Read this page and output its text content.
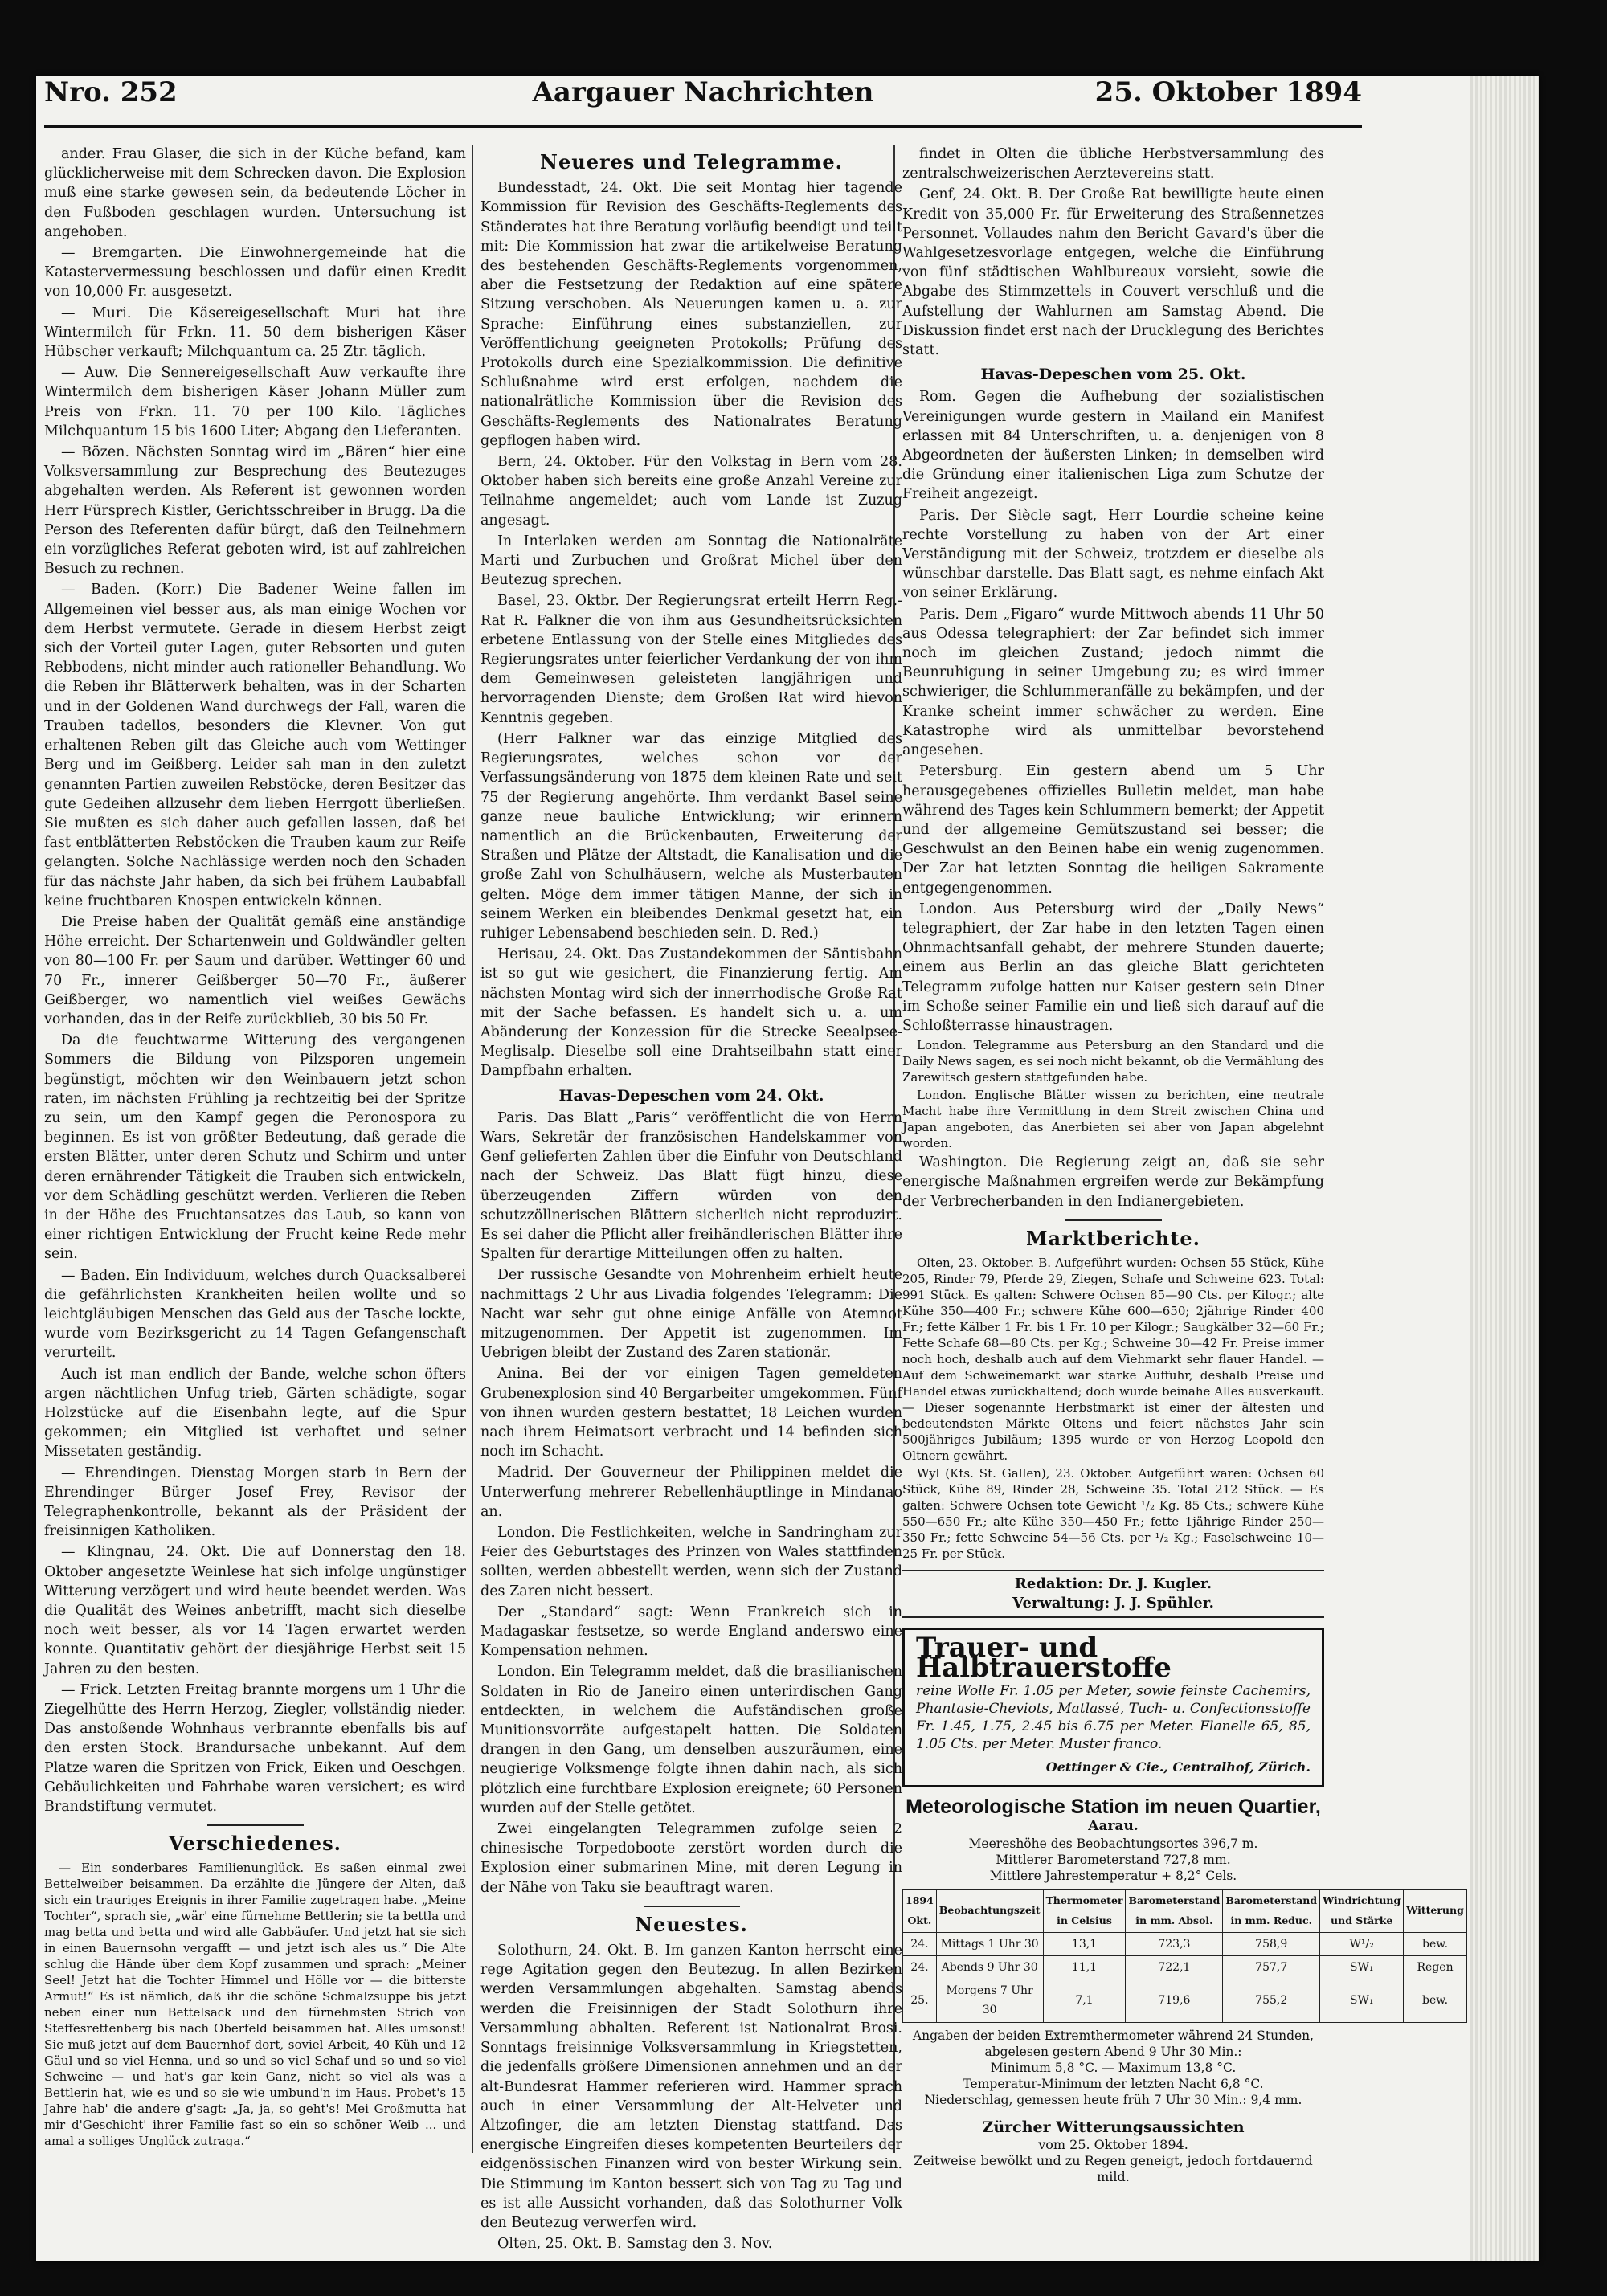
Nro. 252	Aargauer Nachrichten	25. Oktober 1894

ander. Frau Glaser, die sich in der Küche befand, kam glücklicherweise mit dem Schrecken davon. Die Explosion muß eine starke gewesen sein, da bedeutende Löcher in den Fußboden geschlagen wurden. Untersuchung ist angehoben.

— Bremgarten. Die Einwohnergemeinde hat die Katastervermessung beschlossen und dafür einen Kredit von 10,000 Fr. ausgesetzt.

— Muri. Die Käsereigesellschaft Muri hat ihre Wintermilch für Frkn. 11. 50 dem bisherigen Käser Hübscher verkauft; Milchquantum ca. 25 Ztr. täglich.

— Auw. Die Sennereigesellschaft Auw verkaufte ihre Wintermilch dem bisherigen Käser Johann Müller zum Preis von Frkn. 11. 70 per 100 Kilo. Tägliches Milchquantum 15 bis 1600 Liter; Abgang den Lieferanten.

— Bözen. Nächsten Sonntag wird im „Bären“ hier eine Volksversammlung zur Besprechung des Beutezuges abgehalten werden. Als Referent ist gewonnen worden Herr Fürsprech Kistler, Gerichtsschreiber in Brugg. Da die Person des Referenten dafür bürgt, daß den Teilnehmern ein vorzügliches Referat geboten wird, ist auf zahlreichen Besuch zu rechnen.

— Baden. (Korr.) Die Badener Weine fallen im Allgemeinen viel besser aus, als man einige Wochen vor dem Herbst vermutete. Gerade in diesem Herbst zeigt sich der Vorteil guter Lagen, guter Rebsorten und guten Rebbodens, nicht minder auch rationeller Behandlung. Wo die Reben ihr Blätterwerk behalten, was in der Scharten und in der Goldenen Wand durchwegs der Fall, waren die Trauben tadellos, besonders die Klevner. Von gut erhaltenen Reben gilt das Gleiche auch vom Wettinger Berg und im Geißberg. Leider sah man in den zuletzt genannten Partien zuweilen Rebstöcke, deren Besitzer das gute Gedeihen allzusehr dem lieben Herrgott überließen. Sie mußten es sich daher auch gefallen lassen, daß bei fast entblätterten Rebstöcken die Trauben kaum zur Reife gelangten. Solche Nachlässige werden noch den Schaden für das nächste Jahr haben, da sich bei frühem Laubabfall keine fruchtbaren Knospen entwickeln können.

Die Preise haben der Qualität gemäß eine anständige Höhe erreicht. Der Schartenwein und Goldwändler gelten von 80—100 Fr. per Saum und darüber. Wettinger 60 und 70 Fr., innerer Geißberger 50—70 Fr., äußerer Geißberger, wo namentlich viel weißes Gewächs vorhanden, das in der Reife zurückblieb, 30 bis 50 Fr.

Da die feuchtwarme Witterung des vergangenen Sommers die Bildung von Pilzsporen ungemein begünstigt, möchten wir den Weinbauern jetzt schon raten, im nächsten Frühling ja rechtzeitig bei der Spritze zu sein, um den Kampf gegen die Peronospora zu beginnen. Es ist von größter Bedeutung, daß gerade die ersten Blätter, unter deren Schutz und Schirm und unter deren ernährender Tätigkeit die Trauben sich entwickeln, vor dem Schädling geschützt werden. Verlieren die Reben in der Höhe des Fruchtansatzes das Laub, so kann von einer richtigen Entwicklung der Frucht keine Rede mehr sein.

— Baden. Ein Individuum, welches durch Quacksalberei die gefährlichsten Krankheiten heilen wollte und so leichtgläubigen Menschen das Geld aus der Tasche lockte, wurde vom Bezirksgericht zu 14 Tagen Gefangenschaft verurteilt.

Auch ist man endlich der Bande, welche schon öfters argen nächtlichen Unfug trieb, Gärten schädigte, sogar Holzstücke auf die Eisenbahn legte, auf die Spur gekommen; ein Mitglied ist verhaftet und seiner Missetaten geständig.

— Ehrendingen. Dienstag Morgen starb in Bern der Ehrendinger Bürger Josef Frey, Revisor der Telegraphenkontrolle, bekannt als der Präsident der freisinnigen Katholiken.

— Klingnau, 24. Okt. Die auf Donnerstag den 18. Oktober angesetzte Weinlese hat sich infolge ungünstiger Witterung verzögert und wird heute beendet werden. Was die Qualität des Weines anbetrifft, macht sich dieselbe noch weit besser, als vor 14 Tagen erwartet werden konnte. Quantitativ gehört der diesjährige Herbst seit 15 Jahren zu den besten.

— Frick. Letzten Freitag brannte morgens um 1 Uhr die Ziegelhütte des Herrn Herzog, Ziegler, vollständig nieder. Das anstoßende Wohnhaus verbrannte ebenfalls bis auf den ersten Stock. Brandursache unbekannt. Auf dem Platze waren die Spritzen von Frick, Eiken und Oeschgen. Gebäulichkeiten und Fahrhabe waren versichert; es wird Brandstiftung vermutet.

Verschiedenes.

— Ein sonderbares Familienunglück. Es saßen einmal zwei Bettelweiber beisammen. Da erzählte die Jüngere der Alten, daß sich ein trauriges Ereignis in ihrer Familie zugetragen habe. „Meine Tochter“, sprach sie, „wär' eine fürnehme Bettlerin; sie ta bettla und mag betta und betta und wird alle Gabbäufer. Und jetzt hat sie sich in einen Bauernsohn vergafft — und jetzt isch ales us.“ Die Alte schlug die Hände über dem Kopf zusammen und sprach: „Meiner Seel! Jetzt hat die Tochter Himmel und Hölle vor — die bitterste Armut!“ Es ist nämlich, daß ihr die schöne Schmalzsuppe bis jetzt neben einer nun Bettelsack und den fürnehmsten Strich von Steffesrettenberg bis nach Oberfeld beisammen hat. Alles umsonst! Sie muß jetzt auf dem Bauernhof dort, soviel Arbeit, 40 Küh und 12 Gäul und so viel Henna, und so und so viel Schaf und so und so viel Schweine — und hat's gar kein Ganz, nicht so viel als was a Bettlerin hat, wie es und so sie wie umbund'n im Haus. Probet's 15 Jahre hab' die andere g'sagt: „Ja, ja, so geht's! Mei Großmutta hat mir d'Geschicht' ihrer Familie fast so ein so schöner Weib ... und amal a solliges Unglück zutraga.“

Neueres und Telegramme.

Bundesstadt, 24. Okt. Die seit Montag hier tagende Kommission für Revision des Geschäfts-Reglements des Ständerates hat ihre Beratung vorläufig beendigt und teilt mit: Die Kommission hat zwar die artikelweise Beratung des bestehenden Geschäfts-Reglements vorgenommen, aber die Festsetzung der Redaktion auf eine spätere Sitzung verschoben. Als Neuerungen kamen u. a. zur Sprache: Einführung eines substanziellen, zur Veröffentlichung geeigneten Protokolls; Prüfung des Protokolls durch eine Spezialkommission. Die definitive Schlußnahme wird erst erfolgen, nachdem die nationalrätliche Kommission über die Revision des Geschäfts-Reglements des Nationalrates Beratung gepflogen haben wird.

Bern, 24. Oktober. Für den Volkstag in Bern vom 28. Oktober haben sich bereits eine große Anzahl Vereine zur Teilnahme angemeldet; auch vom Lande ist Zuzug angesagt.

In Interlaken werden am Sonntag die Nationalräte Marti und Zurbuchen und Großrat Michel über den Beutezug sprechen.

Basel, 23. Oktbr. Der Regierungsrat erteilt Herrn Reg.-Rat R. Falkner die von ihm aus Gesundheitsrücksichten erbetene Entlassung von der Stelle eines Mitgliedes des Regierungsrates unter feierlicher Verdankung der von ihm dem Gemeinwesen geleisteten langjährigen und hervorragenden Dienste; dem Großen Rat wird hievon Kenntnis gegeben.

(Herr Falkner war das einzige Mitglied des Regierungsrates, welches schon vor der Verfassungsänderung von 1875 dem kleinen Rate und seit 75 der Regierung angehörte. Ihm verdankt Basel seine ganze neue bauliche Entwicklung; wir erinnern namentlich an die Brückenbauten, Erweiterung der Straßen und Plätze der Altstadt, die Kanalisation und die große Zahl von Schulhäusern, welche als Musterbauten gelten. Möge dem immer tätigen Manne, der sich in seinem Werken ein bleibendes Denkmal gesetzt hat, ein ruhiger Lebensabend beschieden sein. D. Red.)

Herisau, 24. Okt. Das Zustandekommen der Säntisbahn ist so gut wie gesichert, die Finanzierung fertig. Am nächsten Montag wird sich der innerrhodische Große Rat mit der Sache befassen. Es handelt sich u. a. um Abänderung der Konzession für die Strecke Seealpsee-Meglisalp. Dieselbe soll eine Drahtseilbahn statt einer Dampfbahn erhalten.

Havas-Depeschen vom 24. Okt.

Paris. Das Blatt „Paris“ veröffentlicht die von Herrn Wars, Sekretär der französischen Handelskammer von Genf gelieferten Zahlen über die Einfuhr von Deutschland nach der Schweiz. Das Blatt fügt hinzu, diese überzeugenden Ziffern würden von den schutzzöllnerischen Blättern sicherlich nicht reproduzirt. Es sei daher die Pflicht aller freihändlerischen Blätter ihre Spalten für derartige Mitteilungen offen zu halten.

Der russische Gesandte von Mohrenheim erhielt heute nachmittags 2 Uhr aus Livadia folgendes Telegramm: Die Nacht war sehr gut ohne einige Anfälle von Atemnot mitzugenommen. Der Appetit ist zugenommen. Im Uebrigen bleibt der Zustand des Zaren stationär.

Anina. Bei der vor einigen Tagen gemeldeten Grubenexplosion sind 40 Bergarbeiter umgekommen. Fünf von ihnen wurden gestern bestattet; 18 Leichen wurden nach ihrem Heimatsort verbracht und 14 befinden sich noch im Schacht.

Madrid. Der Gouverneur der Philippinen meldet die Unterwerfung mehrerer Rebellenhäuptlinge in Mindanao an.

London. Die Festlichkeiten, welche in Sandringham zur Feier des Geburtstages des Prinzen von Wales stattfinden sollten, werden abbestellt werden, wenn sich der Zustand des Zaren nicht bessert.

Der „Standard“ sagt: Wenn Frankreich sich in Madagaskar festsetze, so werde England anderswo eine Kompensation nehmen.

London. Ein Telegramm meldet, daß die brasilianischen Soldaten in Rio de Janeiro einen unterirdischen Gang entdeckten, in welchem die Aufständischen große Munitionsvorräte aufgestapelt hatten. Die Soldaten drangen in den Gang, um denselben auszuräumen, eine neugierige Volksmenge folgte ihnen dahin nach, als sich plötzlich eine furchtbare Explosion ereignete; 60 Personen wurden auf der Stelle getötet.

Zwei eingelangten Telegrammen zufolge seien 2 chinesische Torpedoboote zerstört worden durch die Explosion einer submarinen Mine, mit deren Legung in der Nähe von Taku sie beauftragt waren.

Neuestes.

Solothurn, 24. Okt. B. Im ganzen Kanton herrscht eine rege Agitation gegen den Beutezug. In allen Bezirken werden Versammlungen abgehalten. Samstag abends werden die Freisinnigen der Stadt Solothurn ihre Versammlung abhalten. Referent ist Nationalrat Brosi. Sonntags freisinnige Volksversammlung in Kriegstetten, die jedenfalls größere Dimensionen annehmen und an der alt-Bundesrat Hammer referieren wird. Hammer sprach auch in einer Versammlung der Alt-Helveter und Altzofinger, die am letzten Dienstag stattfand. Das energische Eingreifen dieses kompetenten Beurteilers der eidgenössischen Finanzen wird von bester Wirkung sein. Die Stimmung im Kanton bessert sich von Tag zu Tag und es ist alle Aussicht vorhanden, daß das Solothurner Volk den Beutezug verwerfen wird.

Olten, 25. Okt. B. Samstag den 3. Nov.

findet in Olten die übliche Herbstversammlung des zentralschweizerischen Aerztevereins statt.

Genf, 24. Okt. B. Der Große Rat bewilligte heute einen Kredit von 35,000 Fr. für Erweiterung des Straßennetzes Personnet. Vollaudes nahm den Bericht Gavard's über die Wahlgesetzesvorlage entgegen, welche die Einführung von fünf städtischen Wahlbureaux vorsieht, sowie die Abgabe des Stimmzettels in Couvert verschluß und die Aufstellung der Wahlurnen am Samstag Abend. Die Diskussion findet erst nach der Drucklegung des Berichtes statt.

Havas-Depeschen vom 25. Okt.

Rom. Gegen die Aufhebung der sozialistischen Vereinigungen wurde gestern in Mailand ein Manifest erlassen mit 84 Unterschriften, u. a. denjenigen von 8 Abgeordneten der äußersten Linken; in demselben wird die Gründung einer italienischen Liga zum Schutze der Freiheit angezeigt.

Paris. Der Siècle sagt, Herr Lourdie scheine keine rechte Vorstellung zu haben von der Art einer Verständigung mit der Schweiz, trotzdem er dieselbe als wünschbar darstelle. Das Blatt sagt, es nehme einfach Akt von seiner Erklärung.

Paris. Dem „Figaro“ wurde Mittwoch abends 11 Uhr 50 aus Odessa telegraphiert: der Zar befindet sich immer noch im gleichen Zustand; jedoch nimmt die Beunruhigung in seiner Umgebung zu; es wird immer schwieriger, die Schlummeranfälle zu bekämpfen, und der Kranke scheint immer schwächer zu werden. Eine Katastrophe wird als unmittelbar bevorstehend angesehen.

Petersburg. Ein gestern abend um 5 Uhr herausgegebenes offizielles Bulletin meldet, man habe während des Tages kein Schlummern bemerkt; der Appetit und der allgemeine Gemütszustand sei besser; die Geschwulst an den Beinen habe ein wenig zugenommen. Der Zar hat letzten Sonntag die heiligen Sakramente entgegengenommen.

London. Aus Petersburg wird der „Daily News“ telegraphiert, der Zar habe in den letzten Tagen einen Ohnmachtsanfall gehabt, der mehrere Stunden dauerte; einem aus Berlin an das gleiche Blatt gerichteten Telegramm zufolge hatten nur Kaiser gestern sein Diner im Schoße seiner Familie ein und ließ sich darauf auf die Schloßterrasse hinaustragen.

London. Telegramme aus Petersburg an den Standard und die Daily News sagen, es sei noch nicht bekannt, ob die Vermählung des Zarewitsch gestern stattgefunden habe.

London. Englische Blätter wissen zu berichten, eine neutrale Macht habe ihre Vermittlung in dem Streit zwischen China und Japan angeboten, das Anerbieten sei aber von Japan abgelehnt worden.

Washington. Die Regierung zeigt an, daß sie sehr energische Maßnahmen ergreifen werde zur Bekämpfung der Verbrecherbanden in den Indianergebieten.

Marktberichte.

Olten, 23. Oktober. B. Aufgeführt wurden: Ochsen 55 Stück, Kühe 205, Rinder 79, Pferde 29, Ziegen, Schafe und Schweine 623. Total: 991 Stück. Es galten: Schwere Ochsen 85—90 Cts. per Kilogr.; alte Kühe 350—400 Fr.; schwere Kühe 600—650; 2jährige Rinder 400 Fr.; fette Kälber 1 Fr. bis 1 Fr. 10 per Kilogr.; Saugkälber 32—60 Fr.; Fette Schafe 68—80 Cts. per Kg.; Schweine 30—42 Fr. Preise immer noch hoch, deshalb auch auf dem Viehmarkt sehr flauer Handel. — Auf dem Schweinemarkt war starke Auffuhr, deshalb Preise und Handel etwas zurückhaltend; doch wurde beinahe Alles ausverkauft. — Dieser sogenannte Herbstmarkt ist einer der ältesten und bedeutendsten Märkte Oltens und feiert nächstes Jahr sein 500jähriges Jubiläum; 1395 wurde er von Herzog Leopold den Oltnern gewährt.

Wyl (Kts. St. Gallen), 23. Oktober. Aufgeführt waren: Ochsen 60 Stück, Kühe 89, Rinder 28, Schweine 35. Total 212 Stück. — Es galten: Schwere Ochsen tote Gewicht ¹/₂ Kg. 85 Cts.; schwere Kühe 550—650 Fr.; alte Kühe 350—450 Fr.; fette 1jährige Rinder 250—350 Fr.; fette Schweine 54—56 Cts. per ¹/₂ Kg.; Faselschweine 10—25 Fr. per Stück.

Redaktion: Dr. J. Kugler.
Verwaltung: J. J. Spühler.
Trauer- und Halbtrauerstoffe
reine Wolle Fr. 1.05 per Meter, sowie feinste Cachemirs, Phantasie-Cheviots, Matlassé, Tuch- u. Confectionsstoffe Fr. 1.45, 1.75, 2.45 bis 6.75 per Meter. Flanelle 65, 85, 1.05 Cts. per Meter. Muster franco.
Oettinger & Cie., Centralhof, Zürich.
Meteorologische Station im neuen Quartier,
Aarau.
Meereshöhe des Beobachtungsortes 396,7 m.
Mittlerer Barometerstand 727,8 mm.
Mittlere Jahrestemperatur + 8,2° Cels.
1894 Okt.	Beobachtungszeit	Thermometer in Celsius	Barometerstand in mm. Absol.	Barometerstand in mm. Reduc.	Windrichtung und Stärke	Witterung
24.	Mittags 1 Uhr 30	13,1	723,3	758,9	W¹/₂	bew.
24.	Abends 9 Uhr 30	11,1	722,1	757,7	SW₁	Regen
25.	Morgens 7 Uhr 30	7,1	719,6	755,2	SW₁	bew.
Angaben der beiden Extremthermometer während 24 Stunden, abgelesen gestern Abend 9 Uhr 30 Min.:
Minimum 5,8 °C. — Maximum 13,8 °C.
Temperatur-Minimum der letzten Nacht 6,8 °C.
Niederschlag, gemessen heute früh 7 Uhr 30 Min.: 9,4 mm.
Zürcher Witterungsaussichten
vom 25. Oktober 1894.
Zeitweise bewölkt und zu Regen geneigt, jedoch fortdauernd mild.
